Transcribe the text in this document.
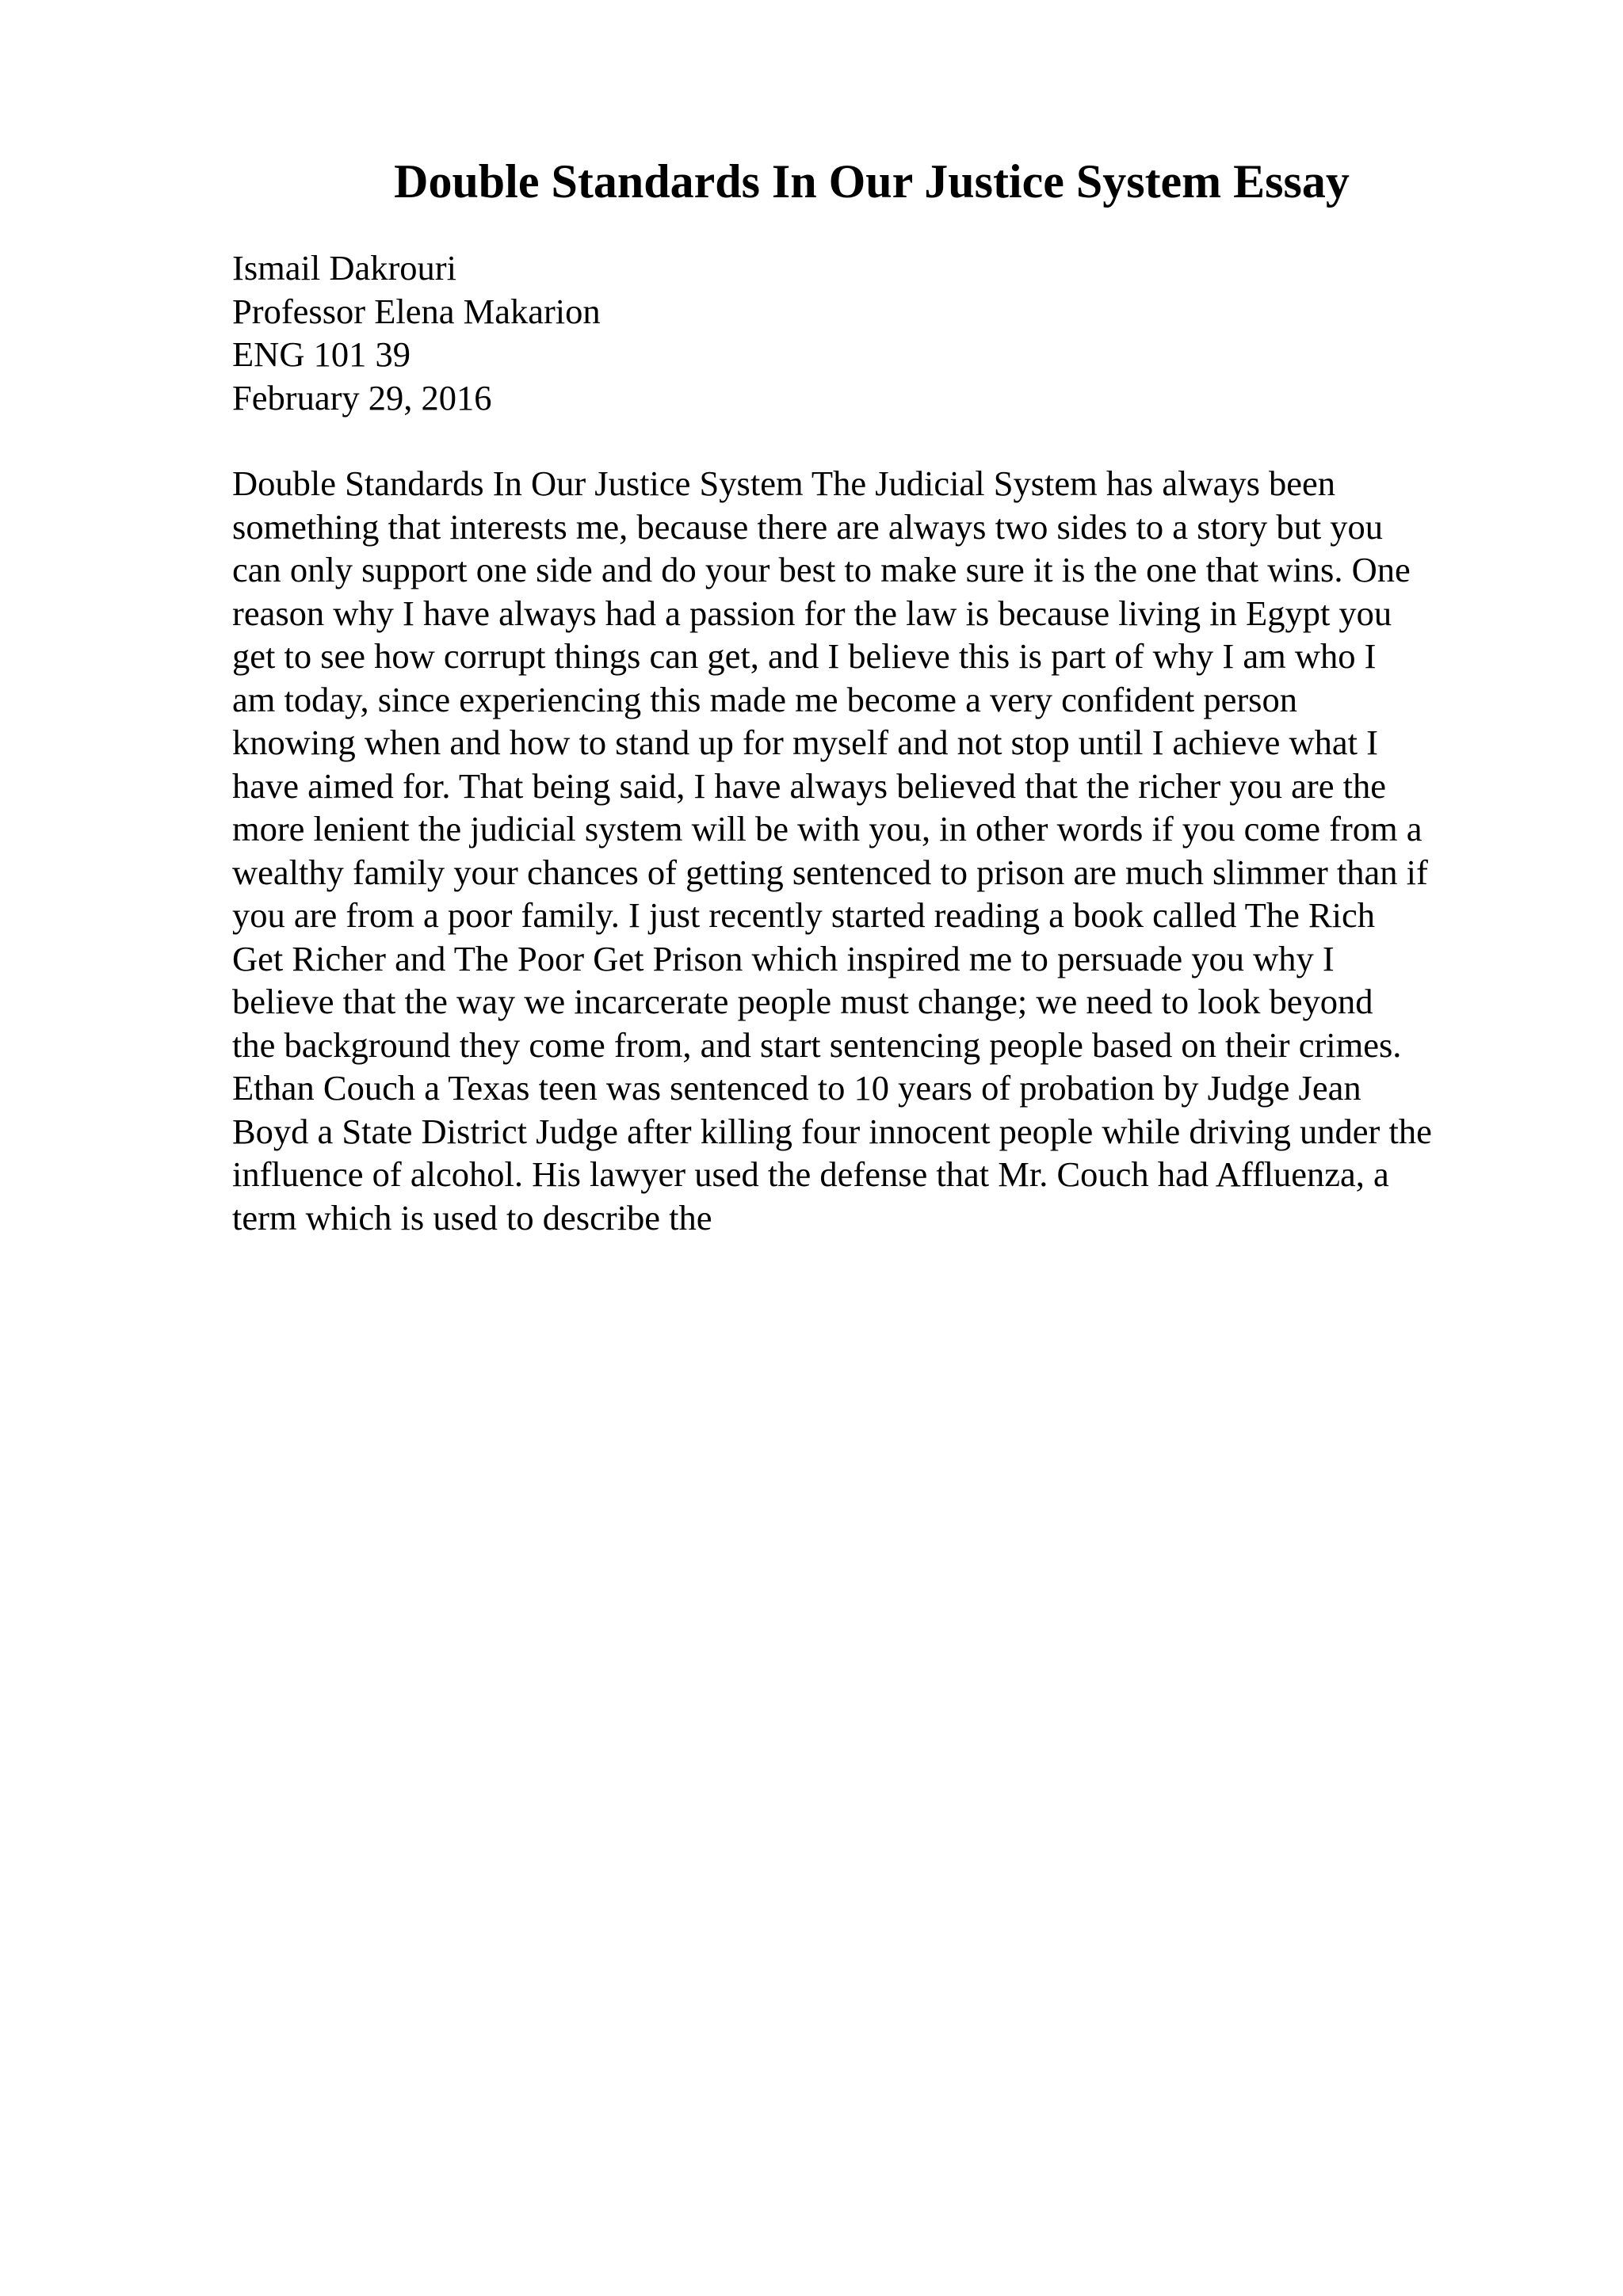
Double Standards In Our Justice System Essay
Ismail Dakrouri
Professor Elena Makarion
ENG 101 39
February 29, 2016
Double Standards In Our Justice System The Judicial System has always been
something that interests me, because there are always two sides to a story but you
can only support one side and do your best to make sure it is the one that wins. One
reason why I have always had a passion for the law is because living in Egypt you
get to see how corrupt things can get, and I believe this is part of why I am who I
am today, since experiencing this made me become a very confident person
knowing when and how to stand up for myself and not stop until I achieve what I
have aimed for. That being said, I have always believed that the richer you are the
more lenient the judicial system will be with you, in other words if you come from a
wealthy family your chances of getting sentenced to prison are much slimmer than if
you are from a poor family. I just recently started reading a book called The Rich
Get Richer and The Poor Get Prison which inspired me to persuade you why I
believe that the way we incarcerate people must change; we need to look beyond
the background they come from, and start sentencing people based on their crimes.
Ethan Couch a Texas teen was sentenced to 10 years of probation by Judge Jean
Boyd a State District Judge after killing four innocent people while driving under the
influence of alcohol. His lawyer used the defense that Mr. Couch had Affluenza, a
term which is used to describe the
